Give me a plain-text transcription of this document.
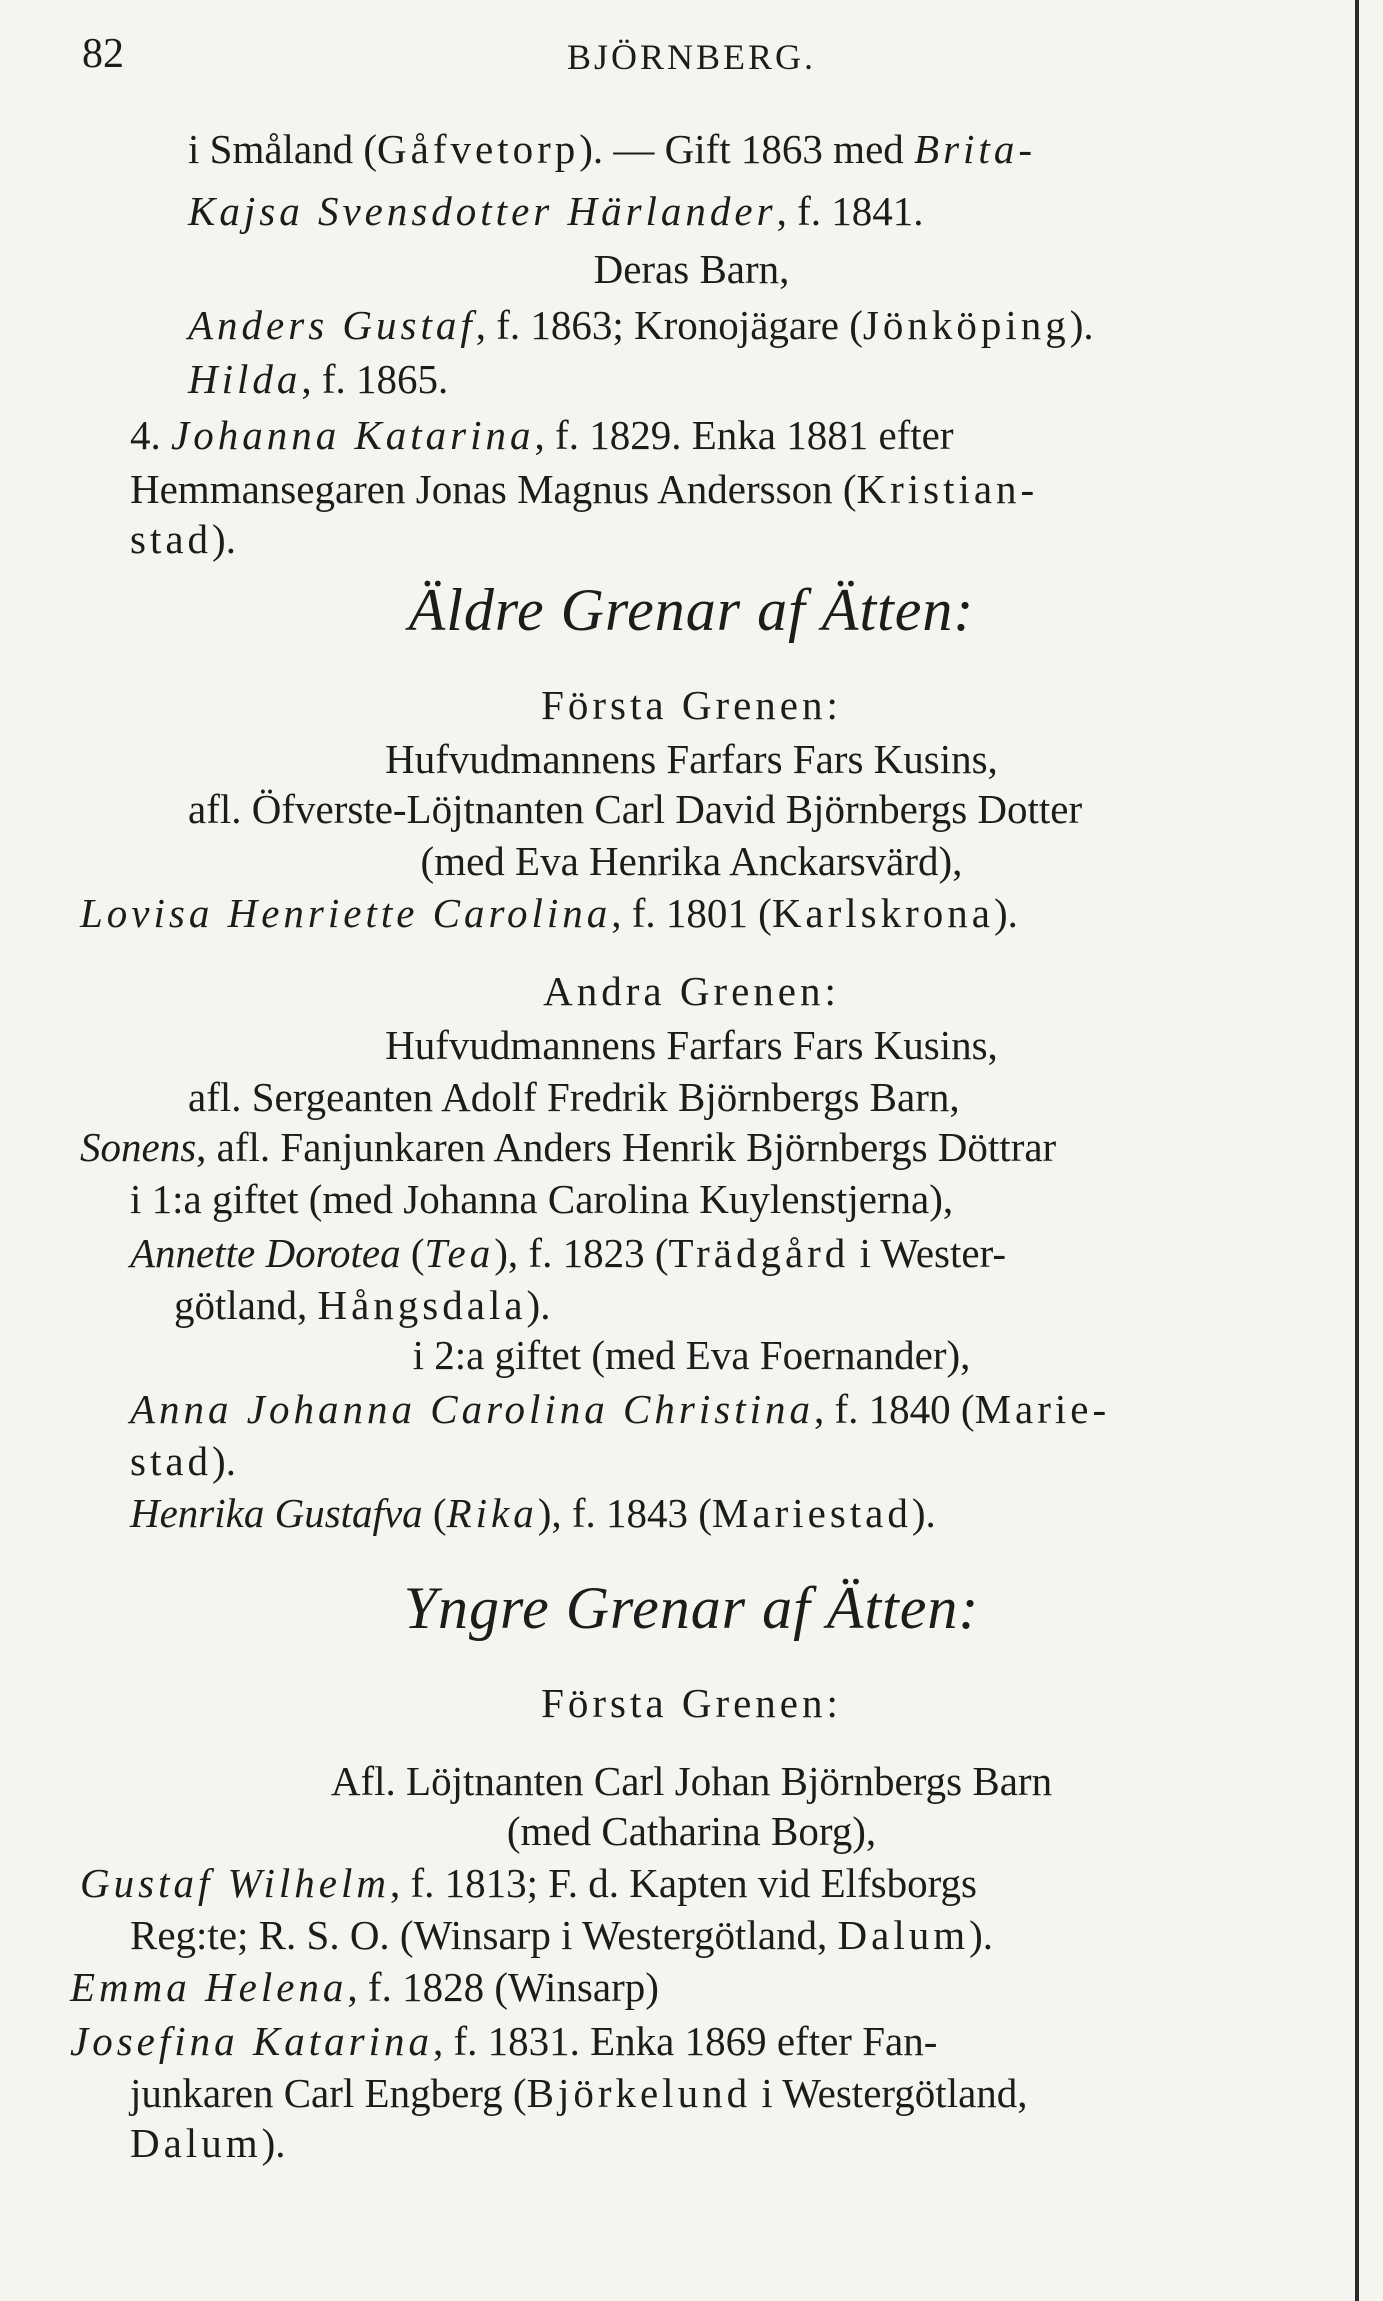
82	BJÖRNBERG.
i Småland (Gåfvetorp). — Gift 1863 med Brita-
Kajsa Svensdotter Härlander, f. 1841.
Deras Barn,
Anders Gustaf, f. 1863; Kronojägare (Jönköping).
Hilda, f. 1865.
4. Johanna Katarina, f. 1829. Enka 1881 efter
Hemmansegaren Jonas Magnus Andersson (Kristian-
stad).
Äldre Grenar af Ätten:
Första Grenen:
Hufvudmannens Farfars Fars Kusins,
afl. Öfverste-Löjtnanten Carl David Björnbergs Dotter
(med Eva Henrika Anckarsvärd),
Lovisa Henriette Carolina, f. 1801 (Karlskrona).
Andra Grenen:
Hufvudmannens Farfars Fars Kusins,
afl. Sergeanten Adolf Fredrik Björnbergs Barn,
Sonens, afl. Fanjunkaren Anders Henrik Björnbergs Döttrar
i 1:a giftet (med Johanna Carolina Kuylenstjerna),
Annette Dorotea (Tea), f. 1823 (Trädgård i Wester-
götland, Hångsdala).
i 2:a giftet (med Eva Foernander),
Anna Johanna Carolina Christina, f. 1840 (Marie-
stad).
Henrika Gustafva (Rika), f. 1843 (Mariestad).
Yngre Grenar af Ätten:
Första Grenen:
Afl. Löjtnanten Carl Johan Björnbergs Barn
(med Catharina Borg),
Gustaf Wilhelm, f. 1813; F. d. Kapten vid Elfsborgs
Reg:te; R. S. O. (Winsarp i Westergötland, Dalum).
Emma Helena, f. 1828 (Winsarp)
Josefina Katarina, f. 1831. Enka 1869 efter Fan-
junkaren Carl Engberg (Björkelund i Westergötland,
Dalum).
